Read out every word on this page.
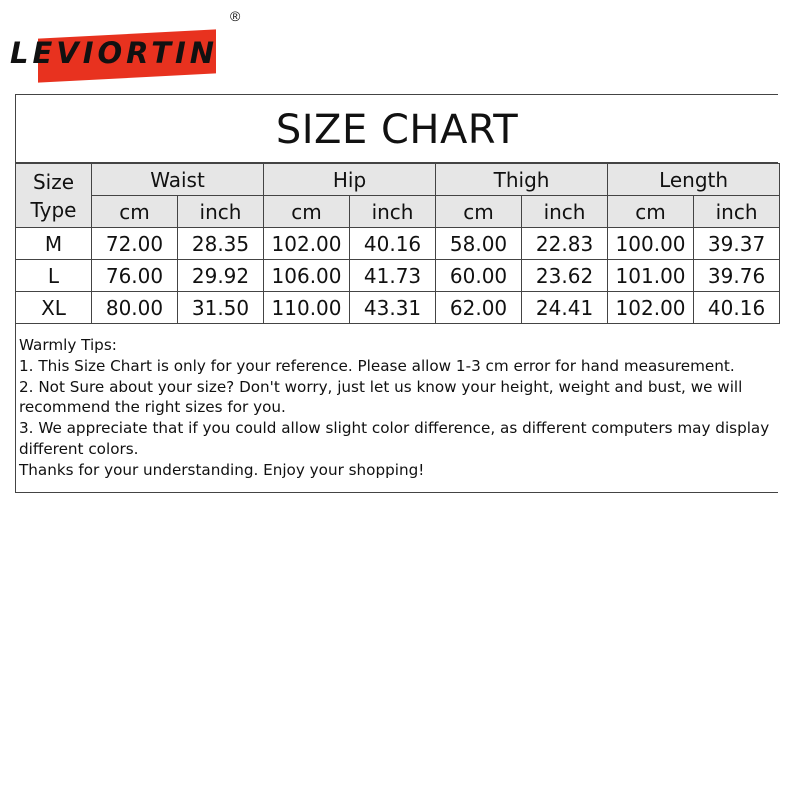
LEVIORTIN
®
SIZE CHART
Size
Type	Waist		Hip		Thigh		Length	
	cm	inch	cm	inch	cm	inch	cm	inch
M	72.00	28.35	102.00	40.16	58.00	22.83	100.00	39.37
L	76.00	29.92	106.00	41.73	60.00	23.62	101.00	39.76
XL	80.00	31.50	110.00	43.31	62.00	24.41	102.00	40.16
Warmly Tips:
1. This Size Chart is only for your reference. Please allow 1-3 cm error for hand measurement.
2. Not Sure about your size? Don't worry, just let us know your height, weight and bust, we will recommend the right sizes for you.
3. We appreciate that if you could allow slight color difference, as different computers may display different colors.
Thanks for your understanding. Enjoy your shopping!
